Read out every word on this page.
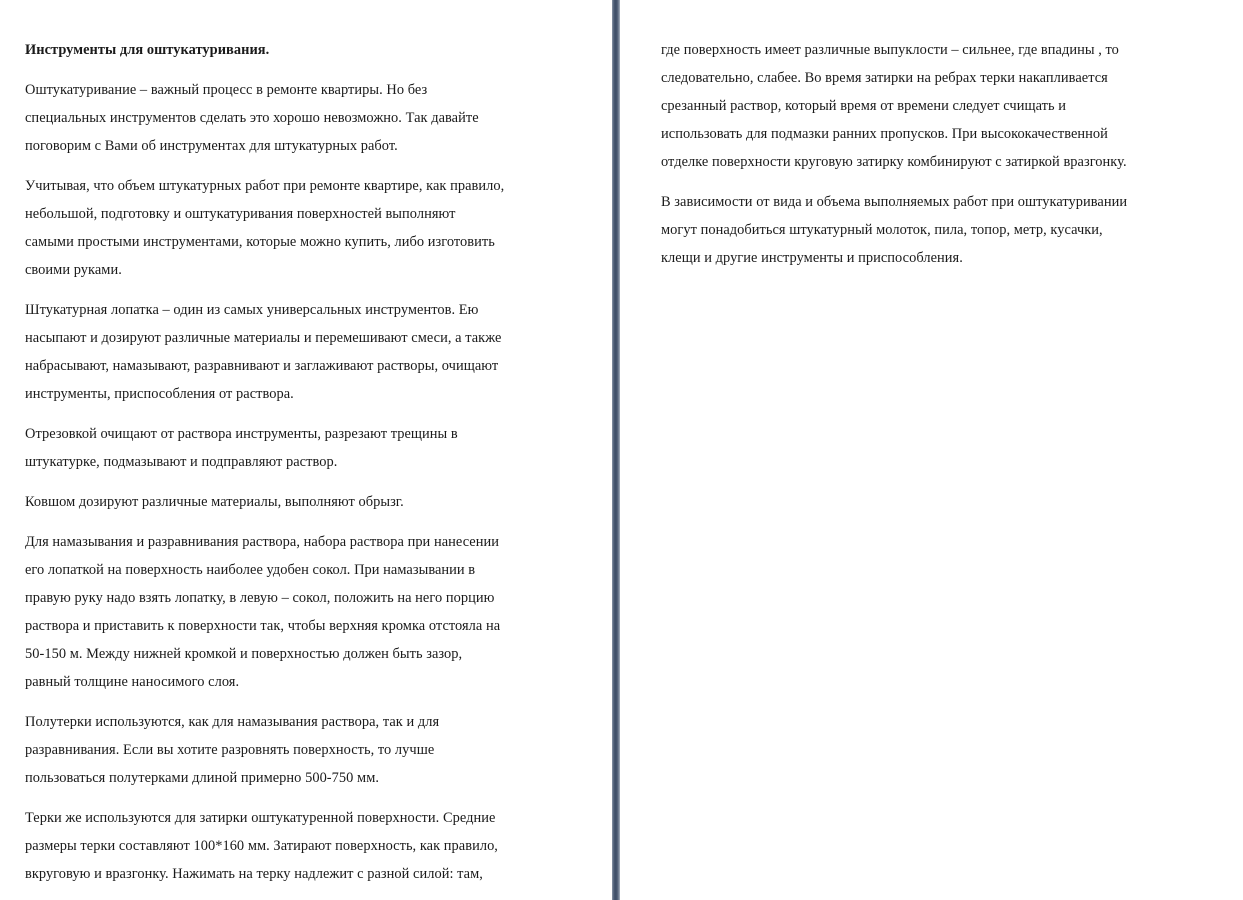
Инструменты для оштукатуривания.

Оштукатуривание – важный процесс в ремонте квартиры. Но без
специальных инструментов сделать это хорошо невозможно. Так давайте
поговорим с Вами об инструментах для штукатурных работ.

Учитывая, что объем штукатурных работ при ремонте квартире, как правило,
небольшой, подготовку и оштукатуривания поверхностей выполняют
самыми простыми инструментами, которые можно купить, либо изготовить
своими руками.

Штукатурная лопатка – один из самых универсальных инструментов. Ею
насыпают и дозируют различные материалы и перемешивают смеси, а также
набрасывают, намазывают, разравнивают и заглаживают растворы, очищают
инструменты, приспособления от раствора.

Отрезовкой очищают от раствора инструменты, разрезают трещины в
штукатурке, подмазывают и подправляют раствор.

Ковшом дозируют различные материалы, выполняют обрызг.

Для намазывания и разравнивания раствора, набора раствора при нанесении
его лопаткой на поверхность наиболее удобен сокол. При намазывании в
правую руку надо взять лопатку, в левую – сокол, положить на него порцию
раствора и приставить к поверхности так, чтобы верхняя кромка отстояла на
50-150 м. Между нижней кромкой и поверхностью должен быть зазор,
равный толщине наносимого слоя.

Полутерки используются, как для намазывания раствора, так и для
разравнивания. Если вы хотите разровнять поверхность, то лучше
пользоваться полутерками длиной примерно 500-750 мм.

Терки же используются для затирки оштукатуренной поверхности. Средние
размеры терки составляют 100*160 мм. Затирают поверхность, как правило,
вкруговую и вразгонку. Нажимать на терку надлежит с разной силой: там,

где поверхность имеет различные выпуклости – сильнее, где впадины , то
следовательно, слабее. Во время затирки на ребрах терки накапливается
срезанный раствор, который время от времени следует счищать и
использовать для подмазки ранних пропусков. При высококачественной
отделке поверхности круговую затирку комбинируют с затиркой вразгонку.

В зависимости от вида и объема выполняемых работ при оштукатуривании
могут понадобиться штукатурный молоток, пила, топор, метр, кусачки,
клещи и другие инструменты и приспособления.
